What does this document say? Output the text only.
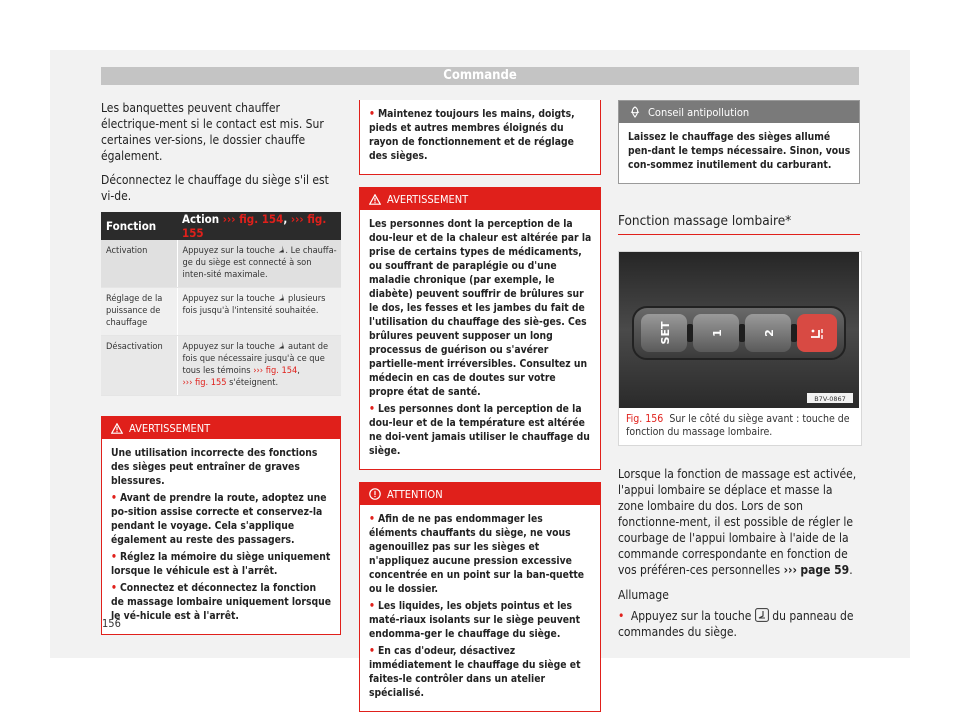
Commande

Les banquettes peuvent chauffer électrique-ment si le contact est mis. Sur certaines ver-sions, le dossier chauffe également.

Déconnectez le chauffage du siège s'il est vi-de.

Fonction	Action ››› fig. 154, ››› fig. 155
Activation	Appuyez sur la touche . Le chauffa-ge du siège est connecté à son inten-sité maximale.
Réglage de la puissance de chauffage	Appuyez sur la touche plusieurs fois jusqu'à l'intensité souhaitée.
Désactivation	Appuyez sur la touche autant de fois que nécessaire jusqu'à ce que tous les témoins ››› fig. 154,
››› fig. 155 s'éteignent.
AVERTISSEMENT

Une utilisation incorrecte des fonctions des sièges peut entraîner de graves blessures.

• Avant de prendre la route, adoptez une po-sition assise correcte et conservez-la pendant le voyage. Cela s'applique également au reste des passagers.

• Réglez la mémoire du siège uniquement lorsque le véhicule est à l'arrêt.

• Connectez et déconnectez la fonction de massage lombaire uniquement lorsque le vé-hicule est à l'arrêt.

• Maintenez toujours les mains, doigts, pieds et autres membres éloignés du rayon de fonctionnement et de réglage des sièges.

AVERTISSEMENT

Les personnes dont la perception de la dou-leur et de la chaleur est altérée par la prise de certains types de médicaments, ou souffrant de paraplégie ou d'une maladie chronique (par exemple, le diabète) peuvent souffrir de brûlures sur le dos, les fesses et les jambes du fait de l'utilisation du chauffage des siè-ges. Ces brûlures peuvent supposer un long processus de guérison ou s'avérer partielle-ment irréversibles. Consultez un médecin en cas de doutes sur votre propre état de santé.

• Les personnes dont la perception de la dou-leur et de la température est altérée ne doi-vent jamais utiliser le chauffage du siège.

ATTENTION

• Afin de ne pas endommager les éléments chauffants du siège, ne vous agenouillez pas sur les sièges et n'appliquez aucune pression excessive concentrée en un point sur la ban-quette ou le dossier.

• Les liquides, les objets pointus et les maté-riaux isolants sur le siège peuvent endomma-ger le chauffage du siège.

• En cas d'odeur, désactivez immédiatement le chauffage du siège et faites-le contrôler dans un atelier spécialisé.

Conseil antipollution

Laissez le chauffage des sièges allumé pen-dant le temps nécessaire. Sinon, vous con-sommez inutilement du carburant.

Fonction massage lombaire*
SET	1	2
B7V-0867
Fig. 156 Sur le côté du siège avant : touche de fonction du massage lombaire.

Lorsque la fonction de massage est activée, l'appui lombaire se déplace et masse la zone lombaire du dos. Lors de son fonctionne-ment, il est possible de régler le courbage de l'appui lombaire à l'aide de la commande correspondante en fonction de vos préféren-ces personnelles ››› page 59.

Allumage

• Appuyez sur la touche du panneau de commandes du siège.

156
